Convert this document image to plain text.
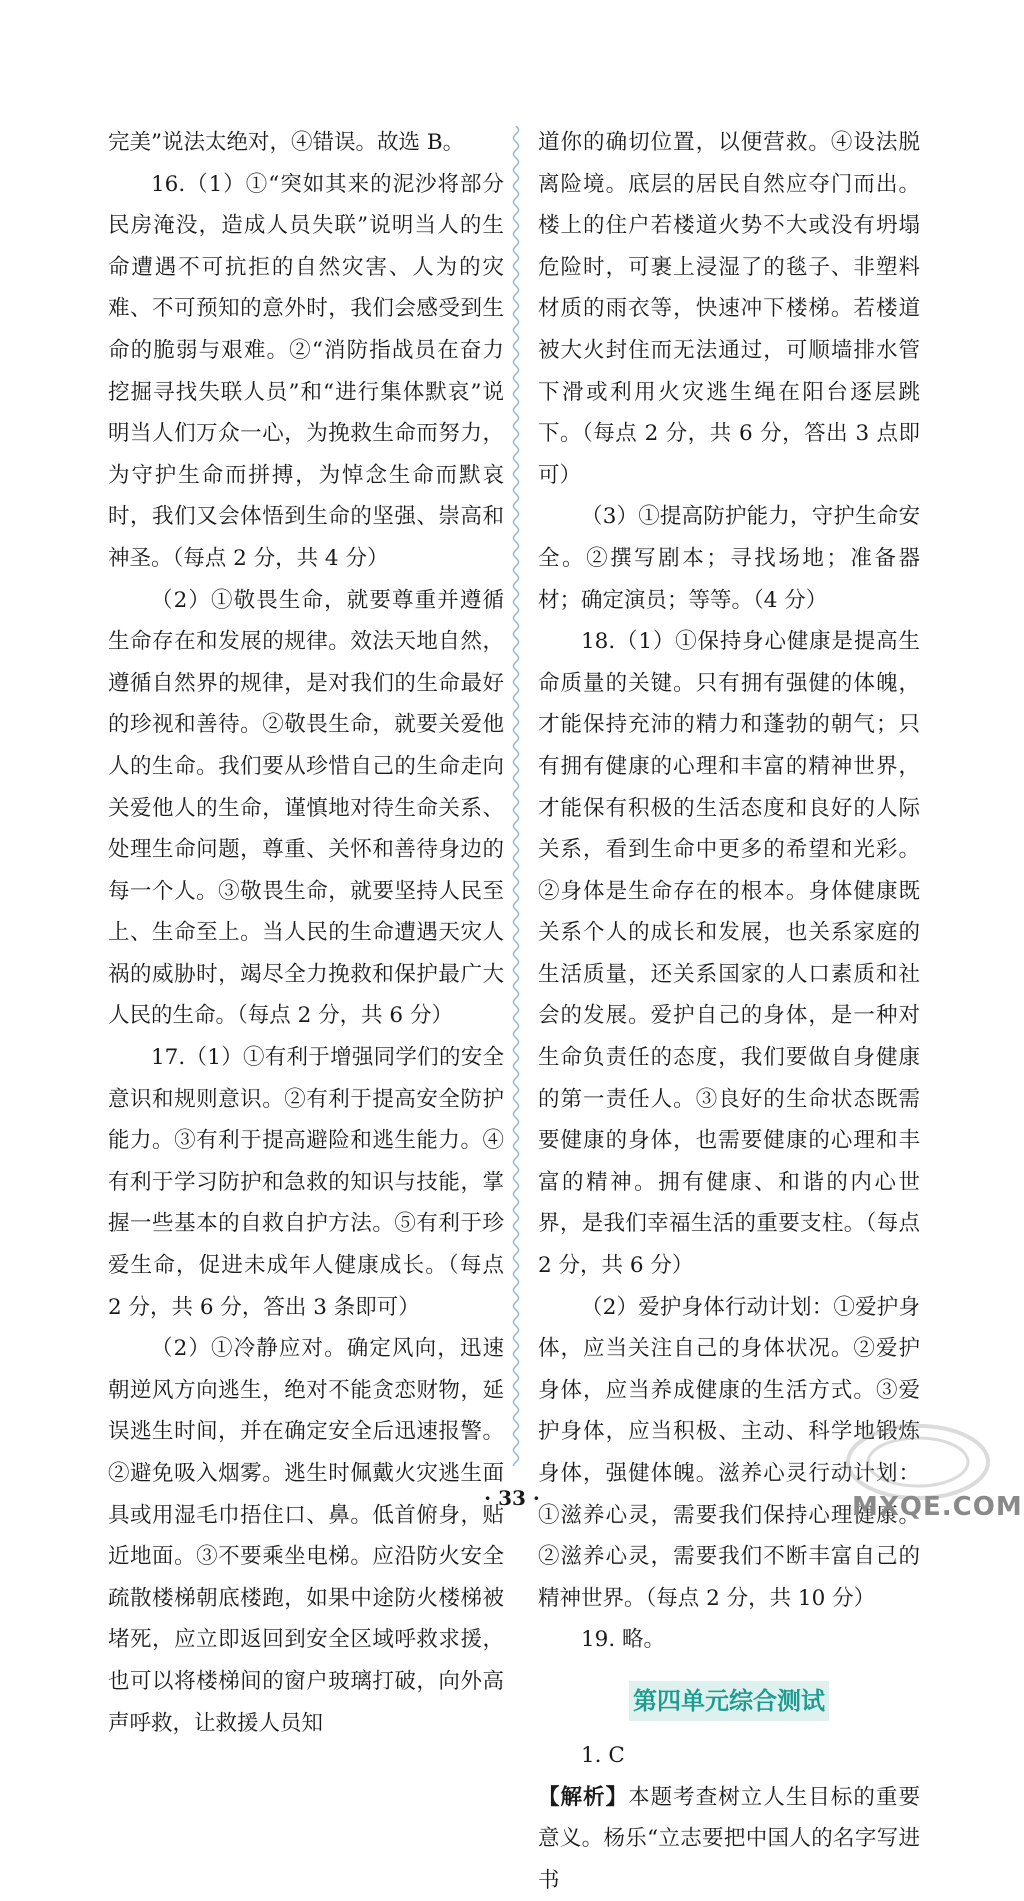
完美”说法太绝对，④错误。故选 B。

16.（1）①“突如其来的泥沙将部分民房淹没，造成人员失联”说明当人的生命遭遇不可抗拒的自然灾害、人为的灾难、不可预知的意外时，我们会感受到生命的脆弱与艰难。②“消防指战员在奋力挖掘寻找失联人员”和“进行集体默哀”说明当人们万众一心，为挽救生命而努力，为守护生命而拼搏，为悼念生命而默哀时，我们又会体悟到生命的坚强、崇高和神圣。（每点 2 分，共 4 分）

（2）①敬畏生命，就要尊重并遵循生命存在和发展的规律。效法天地自然，遵循自然界的规律，是对我们的生命最好的珍视和善待。②敬畏生命，就要关爱他人的生命。我们要从珍惜自己的生命走向关爱他人的生命，谨慎地对待生命关系、处理生命问题，尊重、关怀和善待身边的每一个人。③敬畏生命，就要坚持人民至上、生命至上。当人民的生命遭遇天灾人祸的威胁时，竭尽全力挽救和保护最广大人民的生命。（每点 2 分，共 6 分）

17.（1）①有利于增强同学们的安全意识和规则意识。②有利于提高安全防护能力。③有利于提高避险和逃生能力。④有利于学习防护和急救的知识与技能，掌握一些基本的自救自护方法。⑤有利于珍爱生命，促进未成年人健康成长。（每点 2 分，共 6 分，答出 3 条即可）

（2）①冷静应对。确定风向，迅速朝逆风方向逃生，绝对不能贪恋财物，延误逃生时间，并在确定安全后迅速报警。②避免吸入烟雾。逃生时佩戴火灾逃生面具或用湿毛巾捂住口、鼻。低首俯身，贴近地面。③不要乘坐电梯。应沿防火安全疏散楼梯朝底楼跑，如果中途防火楼梯被堵死，应立即返回到安全区域呼救求援，也可以将楼梯间的窗户玻璃打破，向外高声呼救，让救援人员知

道你的确切位置，以便营救。④设法脱离险境。底层的居民自然应夺门而出。楼上的住户若楼道火势不大或没有坍塌危险时，可裹上浸湿了的毯子、非塑料材质的雨衣等，快速冲下楼梯。若楼道被大火封住而无法通过，可顺墙排水管下滑或利用火灾逃生绳在阳台逐层跳下。（每点 2 分，共 6 分，答出 3 点即可）

（3）①提高防护能力，守护生命安全。②撰写剧本；寻找场地；准备器材；确定演员；等等。（4 分）

18.（1）①保持身心健康是提高生命质量的关键。只有拥有强健的体魄，才能保持充沛的精力和蓬勃的朝气；只有拥有健康的心理和丰富的精神世界，才能保有积极的生活态度和良好的人际关系，看到生命中更多的希望和光彩。②身体是生命存在的根本。身体健康既关系个人的成长和发展，也关系家庭的生活质量，还关系国家的人口素质和社会的发展。爱护自己的身体，是一种对生命负责任的态度，我们要做自身健康的第一责任人。③良好的生命状态既需要健康的身体，也需要健康的心理和丰富的精神。拥有健康、和谐的内心世界，是我们幸福生活的重要支柱。（每点 2 分，共 6 分）

（2）爱护身体行动计划：①爱护身体，应当关注自己的身体状况。②爱护身体，应当养成健康的生活方式。③爱护身体，应当积极、主动、科学地锻炼身体，强健体魄。滋养心灵行动计划：①滋养心灵，需要我们保持心理健康。②滋养心灵，需要我们不断丰富自己的精神世界。（每点 2 分，共 10 分）

19. 略。

第四单元综合测试

1. C

【解析】本题考查树立人生目标的重要意义。杨乐“立志要把中国人的名字写进书

· 33 ·	MXQE.COM
